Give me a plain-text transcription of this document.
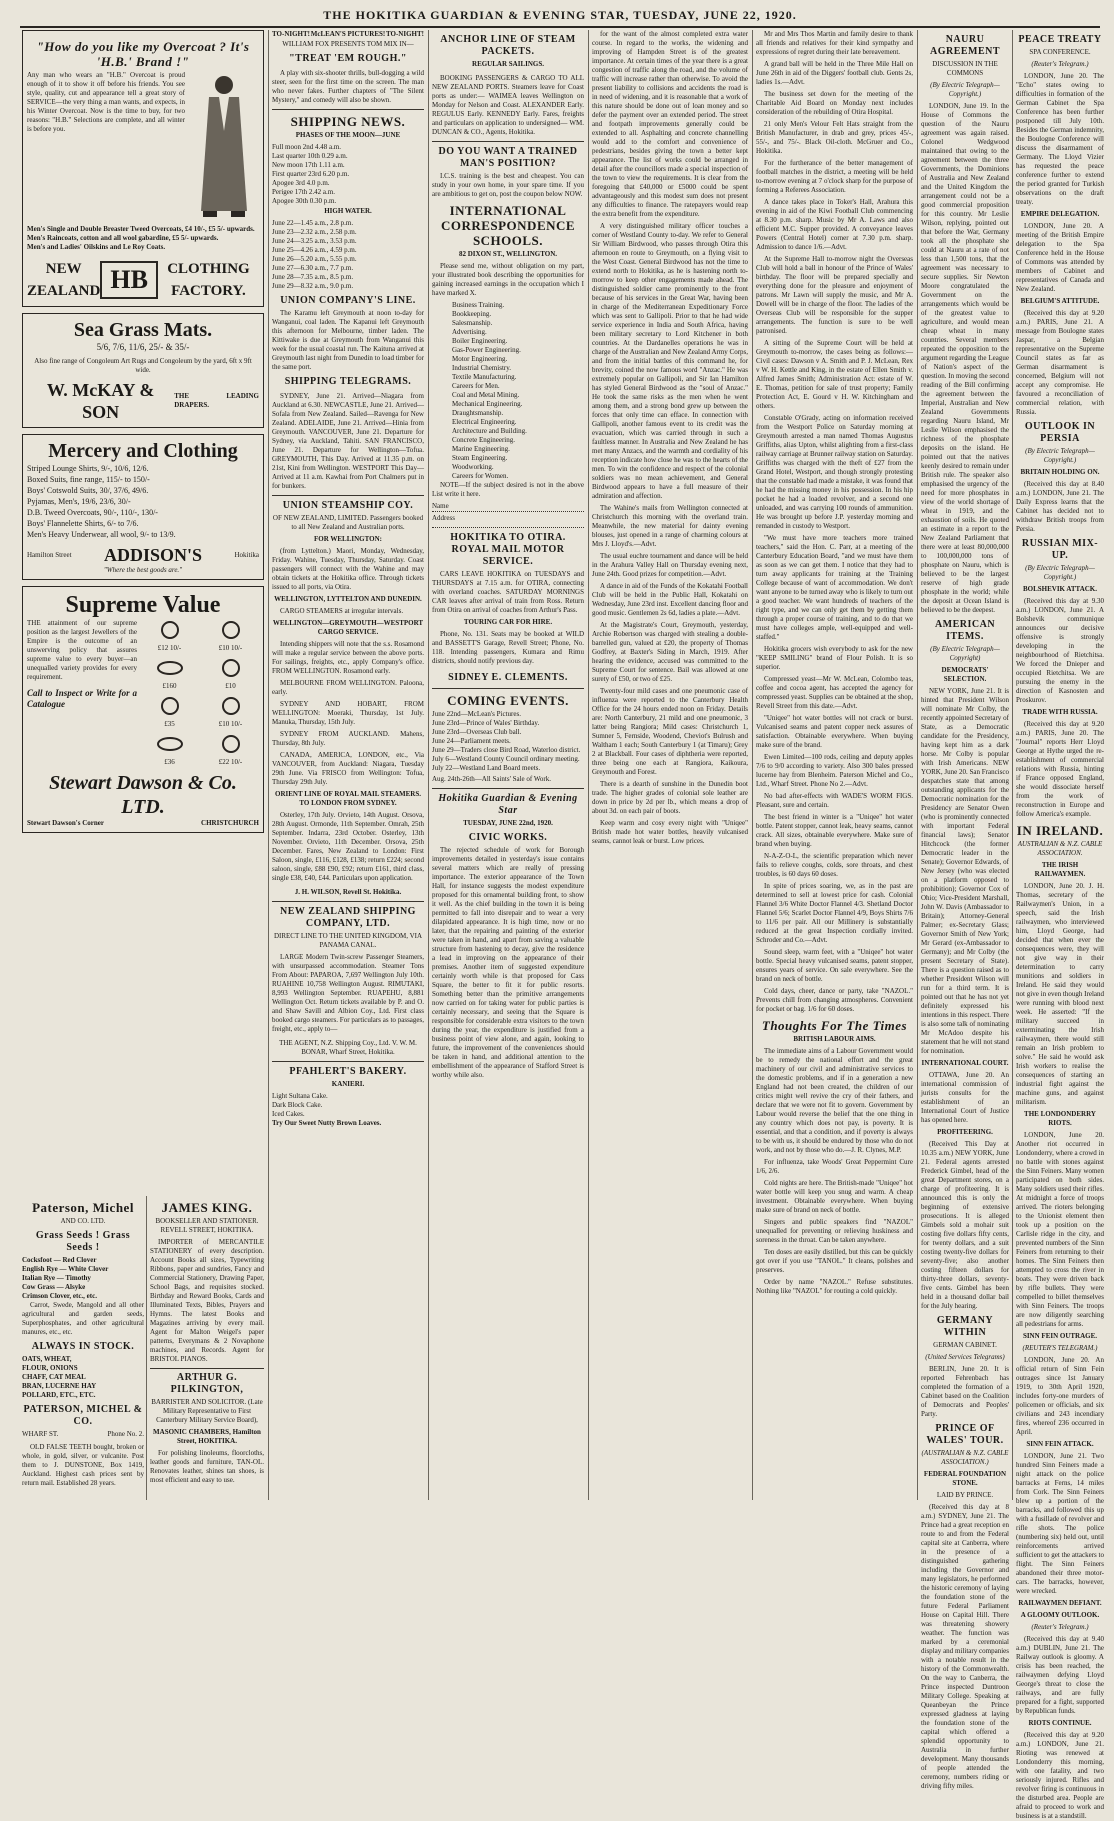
THE HOKITIKA GUARDIAN & EVENING STAR, TUESDAY, JUNE 22, 1920.
"How do you like my Overcoat ? It's 'H.B.' Brand !"
Any man who wears an "H.B." Overcoat is proud enough of it to show it off before his friends. You see style, quality, cut and appearance tell a great story of SERVICE—the very thing a man wants, and expects, in his Winter Overcoat. Now is the time to buy, for two reasons: "H.B." Selections are complete, and all winter is before you.
Men's Single and Double Breaster Tweed Overcoats, £4 10/-, £5 5/- upwards.
Men's Raincoats, cotton and all wool gabardine, £5 5/- upwards.
Men's and Ladies' Oilskins and Le Roy Coats.
NEW ZEALAND HB	CLOTHING FACTORY.
Sea Grass Mats.
5/6, 7/6, 11/6, 25/- & 35/-
Also fine range of Congoleum Art Rugs and Congoleum by the yard, 6ft x 9ft wide.
W. McKAY & SON
THE LEADING DRAPERS.
Mercery and Clothing
Striped Lounge Shirts, 9/-, 10/6, 12/6.
Boxed Suits, fine range, 115/- to 150/-
Boys' Cotswold Suits, 30/, 37/6, 49/6.
Pyjamas, Men's, 19/6, 23/6, 30/-
D.B. Tweed Overcoats, 90/-, 110/-, 130/-
Boys' Flannelette Shirts, 6/- to 7/6.
Men's Heavy Underwear, all wool, 9/- to 13/9.
Hamilton Street ADDISON'S	Hokitika
"Where the best goods are."
Supreme Value
THE attainment of our supreme position as the largest Jewellers of the Empire is the outcome of an unswerving policy that assures supreme value to every buyer—an unequalled variety provides for every requirement.
Call to Inspect or Write for a Catalogue
£12 10/-	£10 10/-
£160	£10
£35	£10 10/-
£36	£22 10/-
Stewart Dawson & Co. LTD.
Stewart Dawson's Corner	CHRISTCHURCH
Paterson, Michel
AND CO. LTD.
Grass Seeds ! Grass Seeds !
Cocksfoot — Red Clover
English Rye — White Clover
Italian Rye — Timothy
Cow Grass — Alsyke
Crimson Clover, etc., etc.

Carrot, Swede, Mangold and all other agricultural and garden seeds, Superphosphates, and other agricultural manures, etc., etc.

ALWAYS IN STOCK.
OATS, WHEAT,
FLOUR, ONIONS
CHAFF, CAT MEAL
BRAN, LUCERNE HAY
POLLARD, ETC., ETC.
PATERSON, MICHEL & CO.
WHARF ST.	Phone No. 2.

OLD FALSE TEETH bought, broken or whole, in gold, silver, or vulcanite. Post them to J. DUNSTONE, Box 1419, Auckland. Highest cash prices sent by return mail. Established 28 years.

JAMES KING.
BOOKSELLER AND STATIONER. REVELL STREET, HOKITIKA.

IMPORTER of MERCANTILE STATIONERY of every description. Account Books all sizes, Typewriting Ribbons, paper and sundries, Fancy and Commercial Stationery, Drawing Paper, School Bags, and requisites stocked. Birthday and Reward Books, Cards and Illuminated Texts, Bibles, Prayers and Hymns. The latest Books and Magazines arriving by every mail. Agent for Malton Weigel's paper patterns, Everymans & 2 Novaphone machines, and Records. Agent for BRISTOL PIANOS.

ARTHUR G. PILKINGTON,
BARRISTER AND SOLICITOR. (Late Military Representative to First Canterbury Military Service Board),
MASONIC CHAMBERS, Hamilton Street, HOKITIKA.

For polishing linoleums, floorcloths, leather goods and furniture, TAN-OL. Renovates leather, shines tan shoes, is most efficient and easy to use.

TO-NIGHT! McLEAN'S PICTURES! TO-NIGHT!
WILLIAM FOX PRESENTS TOM MIX IN—
"TREAT 'EM ROUGH."

A play with six-shooter thrills, bull-dogging a wild steer, seen for the first time on the screen. The man who never fakes. Further chapters of "The Silent Mystery," and comedy will also be shown.

SHIPPING NEWS.
PHASES OF THE MOON—JUNE
Full moon 2nd 4.48 a.m.
Last quarter 10th 0.29 a.m.
New moon 17th 1.11 a.m.
First quarter 23rd 6.20 p.m.
Apogee 3rd 4.0 p.m.
Perigee 17th 2.42 a.m.
Apogee 30th 0.30 p.m.
HIGH WATER.
June 22—1.45 a.m., 2.8 p.m.
June 23—2.32 a.m., 2.58 p.m.
June 24—3.25 a.m., 3.53 p.m.
June 25—4.26 a.m., 4.59 p.m.
June 26—5.20 a.m., 5.55 p.m.
June 27—6.30 a.m., 7.7 p.m.
June 28—7.35 a.m., 8.5 p.m.
June 29—8.32 a.m., 9.0 p.m.
UNION COMPANY'S LINE.

The Karamu left Greymouth at noon to-day for Wanganui, coal laden. The Kapanui left Greymouth this afternoon for Melbourne, timber laden. The Kittiwake is due at Greymouth from Wanganui this week for the usual coastal run. The Kaituna arrived at Greymouth last night from Dunedin to load timber for the same port.

SHIPPING TELEGRAMS.

SYDNEY, June 21. Arrived—Niagara from Auckland at 6.30. NEWCASTLE, June 21. Arrived—Sofala from New Zealand. Sailed—Ravenga for New Zealand. ADELAIDE, June 21. Arrived—Hinia from Greymouth. VANCOUVER, June 21. Departure for Sydney, via Auckland, Tahiti. SAN FRANCISCO, June 21. Departure for Wellington—Tofua. GREYMOUTH, This Day. Arrived at 11.35 p.m. on 21st, Kini from Wellington. WESTPORT This Day—Arrived at 11 a.m. Kawhai from Port Chalmers put in for bunkers.

UNION STEAMSHIP COY.
OF NEW ZEALAND, LIMITED. Passengers booked to all New Zealand and Australian ports.
FOR WELLINGTON:

(from Lyttelton.) Maori, Monday, Wednesday, Friday. Wahine, Tuesday, Thursday, Saturday. Coast passengers will connect with the Wahine and may obtain tickets at the Hokitika office. Through tickets issued to all ports, via Otira.

WELLINGTON, LYTTELTON AND DUNEDIN.

CARGO STEAMERS at irregular intervals.

WELLINGTON—GREYMOUTH—WESTPORT CARGO SERVICE.

Intending shippers will note that the s.s. Rosamond will make a regular service between the above ports. For sailings, freights, etc., apply Company's office. FROM WELLINGTON. Rosamond early.

MELBOURNE FROM WELLINGTON. Paloona, early.

SYDNEY AND HOBART, FROM WELLINGTON: Moeraki, Thursday, 1st July. Manuka, Thursday, 15th July.

SYDNEY FROM AUCKLAND. Mahens, Thursday, 8th July.

CANADA, AMERICA, LONDON, etc., Via VANCOUVER, from Auckland: Niagara, Tuesday 29th June. Via FRISCO from Wellington: Tofua, Thursday 29th July.

ORIENT LINE OF ROYAL MAIL STEAMERS. TO LONDON FROM SYDNEY.

Osterley, 17th July. Orvieto, 14th August. Orsova, 28th August. Ormonde, 11th September. Omrah, 25th September. Indarra, 23rd October. Osterley, 13th November. Orvieto, 11th December. Orsova, 25th December. Fares, New Zealand to London: First Saloon, single, £116, £128, £138; return £224; second saloon, single, £88 £90, £92; return £161, third class, single £38, £40, £44. Particulars upon application.

J. H. WILSON, Revell St. Hokitika.
NEW ZEALAND SHIPPING COMPANY, LTD.
DIRECT LINE TO THE UNITED KINGDOM, VIA PANAMA CANAL.

LARGE Modern Twin-screw Passenger Steamers, with unsurpassed accommodation. Steamer Tons From About: PAPAROA, 7,697 Wellington July 10th. RUAHINE 10,758 Wellington August. RIMUTAKI, 8,993 Wellington September. RUAPEHU, 8,881 Wellington Oct. Return tickets available by P. and O. and Shaw Savill and Albion Coy., Ltd. First class booked cargo steamers. For particulars as to passages, freight, etc., apply to—

THE AGENT, N.Z. Shipping Coy., Ltd. V. W. M. BONAR, Wharf Street, Hokitika.
PFAHLERT'S BAKERY.
KANIERI.
Light Sultana Cake.
Dark Block Cake.
Iced Cakes.
Try Our Sweet Nutty Brown Loaves.
ANCHOR LINE OF STEAM PACKETS.
REGULAR SAILINGS.

BOOKING PASSENGERS & CARGO TO ALL NEW ZEALAND PORTS. Steamers leave for Coast ports as under:— WAIMEA leaves Wellington on Monday for Nelson and Coast. ALEXANDER Early. REGULUS Early. KENNEDY Early. Fares, freights and particulars on application to undersigned— WM. DUNCAN & CO., Agents, Hokitika.

DO YOU WANT A TRAINED MAN'S POSITION?

I.C.S. training is the best and cheapest. You can study in your own home, in your spare time. If you are ambitious to get on, post the coupon below NOW.

INTERNATIONAL CORRESPONDENCE SCHOOLS.
82 DIXON ST., WELLINGTON.

Please send me, without obligation on my part, your illustrated book describing the opportunities for gaining increased earnings in the occupation which I have marked X.

Business Training.
Bookkeeping.
Salesmanship.
Advertising.
Boiler Engineering.
Gas-Power Engineering.
Motor Engineering.
Industrial Chemistry.
Textile Manufacturing.
Careers for Men.
Coal and Metal Mining.
Mechanical Engineering.
Draughtsmanship.
Electrical Engineering.
Architecture and Building.
Concrete Engineering.
Marine Engineering.
Steam Engineering.
Woodworking.
Careers for Women.

NOTE—If the subject desired is not in the above List write it here.

Name
Address
HOKITIKA TO OTIRA. ROYAL MAIL MOTOR SERVICE.

CARS LEAVE HOKITIKA on TUESDAYS and THURSDAYS at 7.15 a.m. for OTIRA, connecting with overland coaches. SATURDAY MORNINGS CAR leaves after arrival of train from Ross. Return from Otira on arrival of coaches from Arthur's Pass.

TOURING CAR FOR HIRE.

Phone, No. 131. Seats may be booked at WILD and BASSETT'S Garage, Revell Street; Phone, No. 118. Intending passengers, Kumara and Rimu districts, should notify previous day.

SIDNEY E. CLEMENTS.
COMING EVENTS.
June 22nd—McLean's Pictures.
June 23rd—Prince of Wales' Birthday.
June 23rd—Overseas Club ball.
June 24—Parliament meets.
June 29—Traders close Bird Road, Waterloo district.
July 6—Westland County Council ordinary meeting.
July 22—Westland Land Board meets.
Aug. 24th-26th—All Saints' Sale of Work.
Hokitika Guardian & Evening Star
TUESDAY, JUNE 22nd, 1920.
CIVIC WORKS.

The rejected schedule of work for Borough improvements detailed in yesterday's issue contains several matters which are really of pressing importance. The exterior appearance of the Town Hall, for instance suggests the modest expenditure proposed for this ornamental building front, to show it well. As the chief building in the town it is being permitted to fall into disrepair and to wear a very dilapidated appearance. It is high time, now or no later, that the repairing and painting of the exterior were taken in hand, and apart from saving a valuable structure from hastening to decay, give the residence a lead in improving on the appearance of their premises. Another item of suggested expenditure certainly worth while is that proposed for Cass Square, the better to fit it for public resorts. Something better than the primitive arrangements now carried on for taking water for public parties is certainly necessary, and seeing that the Square is responsible for considerable extra visitors to the town during the year, the expenditure is justified from a business point of view alone, and again, looking to future, the improvement of the conveniences should be taken in hand, and additional attention to the embellishment of the appearance of Stafford Street is worthy while also.

for the want of the almost completed extra water course. In regard to the works, the widening and improving of Hampden Street is of the greatest importance. At certain times of the year there is a great congestion of traffic along the road, and the volume of traffic will increase rather than otherwise. To avoid the present liability to collisions and accidents the road is in need of widening, and it is reasonable that a work of this nature should be done out of loan money and so defer the payment over an extended period. The street and footpath improvements generally could be extended to all. Asphalting and concrete channelling would add to the comfort and convenience of pedestrians, besides giving the town a better kept appearance. The list of works could be arranged in detail after the councillors made a special inspection of the town to view the requirements. It is clear from the foregoing that £40,000 or £5000 could be spent advantageously and this modest sum does not present any difficulties to finance. The ratepayers would reap the extra benefit from the expenditure.

A very distinguished military officer touches a corner of Westland County to-day. We refer to General Sir William Birdwood, who passes through Otira this afternoon en route to Greymouth, on a flying visit to the West Coast. General Birdwood has not the time to extend north to Hokitika, as he is hastening north to-morrow to keep other engagements made ahead. The distinguished soldier came prominently to the front because of his services in the Great War, having been in charge of the Mediterranean Expeditionary Force which was sent to Gallipoli. Prior to that he had wide service experience in India and South Africa, having been military secretary to Lord Kitchener in both countries. At the Dardanelles operations he was in charge of the Australian and New Zealand Army Corps, and from the initial battles of this command he, for brevity, coined the now famous word "Anzac." He was extremely popular on Gallipoli, and Sir Ian Hamilton has styled General Birdwood as the "soul of Anzac." He took the same risks as the men when he went among them, and a strong bond grew up between the forces that only time can efface. In connection with Gallipoli, another famous event to its credit was the evacuation, which was carried through in such a faultless manner. In Australia and New Zealand he has met many Anzacs, and the warmth and cordiality of his reception indicate how close he was to the hearts of the men. To win the confidence and respect of the colonial soldiers was no mean achievement, and General Birdwood appears to have a full measure of their admiration and affection.

The Wahine's mails from Wellington connected at Christchurch this morning with the overland train. Meanwhile, the new material for dainty evening blouses, just opened in a range of charming colours at Mrs J. Lloyd's.—Advt.

The usual euchre tournament and dance will be held in the Arahura Valley Hall on Thursday evening next, June 24th. Good prizes for competition.—Advt.

A dance in aid of the Funds of the Kokatahi Football Club will be held in the Public Hall, Kokatahi on Wednesday, June 23rd inst. Excellent dancing floor and good music. Gentlemen 2s 6d, ladies a plate.—Advt.

At the Magistrate's Court, Greymouth, yesterday, Archie Robertson was charged with stealing a double-barrelled gun, valued at £20, the property of Thomas Godfrey, at Baxter's Siding in March, 1919. After hearing the evidence, accused was committed to the Supreme Court for sentence. Bail was allowed at one surety of £50, or two of £25.

Twenty-four mild cases and one pneumonic case of influenza were reported to the Canterbury Health Office for the 24 hours ended noon on Friday. Details are: North Canterbury, 21 mild and one pneumonic, 3 latter being Rangiora; Mild cases: Christchurch 1, Sumner 5, Fernside, Woodend, Cheviot's Bulrush and Waltham 1 each; South Canterbury 1 (at Timaru); Grey 2 at Blackball. Four cases of diphtheria were reported, three being one each at Rangiora, Kaikoura, Greymouth and Forest.

There is a dearth of sunshine in the Dunedin boot trade. The higher grades of colonial sole leather are down in price by 2d per lb., which means a drop of about 3d. on each pair of boots.

Keep warm and cosy every night with "Uniqee" British made hot water bottles, heavily vulcanised seams, cannot leak or burst. Low prices.

Mr and Mrs Thos Martin and family desire to thank all friends and relatives for their kind sympathy and expressions of regret during their late bereavement.

A grand ball will be held in the Three Mile Hall on June 26th in aid of the Diggers' football club. Gents 2s, ladies 1s.—Advt.

The business set down for the meeting of the Charitable Aid Board on Monday next includes consideration of the rebuilding of Otira Hospital.

21 only Men's Velour Felt Hats straight from the British Manufacturer, in drab and grey, prices 45/-, 55/-, and 75/-. Black Oil-cloth. McGruer and Co., Hokitika.

For the furtherance of the better management of football matches in the district, a meeting will be held to-morrow evening at 7 o'clock sharp for the purpose of forming a Referees Association.

A dance takes place in Toker's Hall, Arahura this evening in aid of the Kiwi Football Club commencing at 8.30 p.m. sharp. Music by Mr A. Laws and also efficient M.C. Supper provided. A conveyance leaves Powers (Central Hotel) corner at 7.30 p.m. sharp. Admission to dance 1/6.—Advt.

At the Supreme Hall to-morrow night the Overseas Club will hold a ball in honour of the Prince of Wales' birthday. The floor will be prepared specially and everything done for the pleasure and enjoyment of patrons. Mr Lawn will supply the music, and Mr A. Dowell will be in charge of the floor. The ladies of the Overseas Club will be responsible for the supper arrangements. The function is sure to be well patronised.

A sitting of the Supreme Court will be held at Greymouth to-morrow, the cases being as follows:—Civil cases: Dawson v A. Smith and P. J. McLean, Rex v W. H. Kettle and King, in the estate of Ellen Smith v. Alfred James Smith; Administration Act: estate of W. E. Thomas, petition for sale of trust property; Family Protection Act, E. Gourd v H. W. Kitchingham and others.

Constable O'Grady, acting on information received from the Westport Police on Saturday morning at Greymouth arrested a man named Thomas Augustus Griffiths, alias Upton, whilst alighting from a first-class railway carriage at Brunner railway station on Saturday. Griffiths was charged with the theft of £27 from the Grand Hotel, Westport, and though strongly protesting that the constable had made a mistake, it was found that he had the missing money in his possession. In his hip pocket he had a loaded revolver, and a second one unloaded, and was carrying 100 rounds of ammunition. He was brought up before J.P. yesterday morning and remanded in custody to Westport.

"We must have more teachers more trained teachers," said the Hon. C. Parr, at a meeting of the Canterbury Education Board, "and we must have them as soon as we can get them. I notice that they had to turn away applicants for training at the Training College because of want of accommodation. We don't want anyone to be turned away who is likely to turn out a good teacher. We want hundreds of teachers of the right type, and we can only get them by getting them through a proper course of training, and to do that we must have colleges ample, well-equipped and well-staffed."

Hokitika grocers wish everybody to ask for the new "KEEP SMILING" brand of Flour Polish. It is so superior.

Compressed yeast—Mr W. McLean, Colombo teas, coffee and cocoa agent, has accepted the agency for compressed yeast. Supplies can be obtained at the shop, Revell Street from this date.—Advt.

"Uniqee" hot water bottles will not crack or burst. Vulcanised seams and patent copper neck assures of satisfaction. Obtainable everywhere. When buying make sure of the brand.

Ewen Limited—100 rods, ceiling and deputy apples 7/6 to 9/0 according to variety. Also 300 bales pressed lucerne hay from Blenheim. Paterson Michel and Co., Ltd., Wharf Street. Phone No 2.—Advt.

No bad after-effects with WADE'S WORM FIGS. Pleasant, sure and certain.

The best friend in winter is a "Uniqee" hot water bottle. Patent stopper, cannot leak, heavy seams, cannot crack. All sizes, obtainable everywhere. Make sure of brand when buying.

N-A-Z-O-L, the scientific preparation which never fails to relieve coughs, colds, sore throats, and chest troubles, is 60 days 60 doses.

In spite of prices soaring, we, as in the past are determined to sell at lowest price for cash. Colonial Flannel 3/6 White Doctor Flannel 4/3. Shetland Doctor Flannel 5/6; Scarlet Doctor Flannel 4/9, Boys Shirts 7/6 to 11/6 per pair. All our Millinery is substantially reduced at the great Inspection cordially invited. Schroder and Co.—Advt.

Sound sleep, warm feet, with a "Uniqee" hot water bottle. Special heavy vulcanised seams, patent stopper, ensures years of service. On sale everywhere. See the brand on neck of bottle.

Cold days, cheer, dance or party, take "NAZOL." Prevents chill from changing atmospheres. Convenient for pocket or bag. 1/6 for 60 doses.

Thoughts For The Times
BRITISH LABOUR AIMS.

The immediate aims of a Labour Government would be to remedy the national effort and the great machinery of our civil and administrative services to the domestic problems, and if in a generation a new England had not been created, the children of our critics might well revive the cry of their fathers, and declare that we were not fit to govern. Government by Labour would reverse the belief that the one thing in any country which does not pay, is poverty. It is essential, and that a condition, and if poverty is always to be with us, it should be endured by those who do not work, and not by those who do.—J. R. Clynes, M.P.

For influenza, take Woods' Great Peppermint Cure 1/6, 2/6.

Cold nights are here. The British-made "Uniqee" hot water bottle will keep you snug and warm. A cheap investment. Obtainable everywhere. When buying make sure of brand on neck of bottle.

Singers and public speakers find "NAZOL" unequalled for preventing or relieving huskiness and soreness in the throat. Can be taken anywhere.

Ten doses are easily distilled, but this can be quickly got over if you use "TANOL." It cleans, polishes and preserves.

Order by name "NAZOL." Refuse substitutes. Nothing like "NAZOL" for routing a cold quickly.

NAURU AGREEMENT
DISCUSSION IN THE COMMONS
(By Electric Telegraph—Copyright.)

LONDON, June 19. In the House of Commons the question of the Nauru agreement was again raised. Colonel Wedgwood maintained that owing to the agreement between the three Governments, the Dominions of Australia and New Zealand and the United Kingdom the arrangement could not be a good commercial proposition for this country. Mr Leslie Wilson, replying, pointed out that before the War, Germany took all the phosphate she could at Nauru at a rate of not less than 1,500 tons, that the agreement was necessary to secure supplies. Sir Newton Moore congratulated the Government on the arrangements which would be of the greatest value to agriculture, and would mean cheap wheat in many countries. Several members repeated the opposition to the argument regarding the League of Nation's aspect of the question. In moving the second reading of the Bill confirming the agreement between the Imperial, Australian and New Zealand Governments regarding Nauru Island, Mr Leslie Wilson emphasised the richness of the phosphate deposits on the island. He pointed out that the natives keenly desired to remain under British rule. The speaker also emphasised the urgency of the need for more phosphates in view of the world shortage of wheat in 1919, and the exhaustion of soils. He quoted an estimate in a report to the New Zealand Parliament that there were at least 80,000,000 to 100,000,000 tons of phosphate on Nauru, which is believed to be the largest reserve of high grade phosphate in the world; while the deposit at Ocean Island is believed to be the deepest.

AMERICAN ITEMS.
(By Electric Telegraph—Copyright)
DEMOCRATS' SELECTION.

NEW YORK, June 21. It is hinted that President Wilson will nominate Mr Colby, the recently appointed Secretary of State, as a Democratic candidate for the Presidency, having kept him as a dark horse. Mr Colby is popular with Irish Americans. NEW YORK, June 20. San Francisco despatches state that among outstanding applicants for the Democratic nomination for the Presidency are Senator Owen (who is prominently connected with important Federal financial laws); Senator Hitchcock (the former Democratic leader in the Senate); Governor Edwards, of New Jersey (who was elected on a platform opposed to prohibition); Governor Cox of Ohio; Vice-President Marshall, John W. Davis (Ambassador to Britain); Attorney-General Palmer; ex-Secretary Glass; Governor Smith of New York; Mr Gerard (ex-Ambassador to Germany); and Mr Colby (the present Secretary of State). There is a question raised as to whether President Wilson will run for a third term. It is pointed out that he has not yet definitely expressed his intentions in this respect. There is also some talk of nominating Mr McAdoo despite his statement that he will not stand for nomination.

INTERNATIONAL COURT.

OTTAWA, June 20. An international commission of jurists consults for the establishment of an International Court of Justice has opened here.

PROFITEERING.

(Received This Day at 10.35 a.m.) NEW YORK, June 21. Federal agents arrested Frederick Gimbel, head of the great Department stores, on a charge of profiteering. It is announced this is only the beginning of extensive prosecutions. It is alleged Gimbels sold a mohair suit costing five dollars fifty cents, for twenty dollars, and a suit costing twenty-five dollars for seventy-five; also another costing fifteen dollars for thirty-three dollars, seventy-five cents. Gimbel has been held in a thousand dollar bail for the July hearing.

GERMANY WITHIN
GERMAN CABINET.
(United Services Telegrams)

BERLIN, June 20. It is reported Fehrenbach has completed the formation of a Cabinet based on the Coalition of Democrats and Peoples' Party.

PRINCE OF WALES' TOUR.
(AUSTRALIAN & N.Z. CABLE ASSOCIATION.)
FEDERAL FOUNDATION STONE.
LAID BY PRINCE.

(Received this day at 8 a.m.) SYDNEY, June 21. The Prince had a great reception en route to and from the Federal capital site at Canberra, where in the presence of a distinguished gathering including the Governor and many legislators, he performed the historic ceremony of laying the foundation stone of the future Federal Parliament House on Capital Hill. There was threatening showery weather. The function was marked by a ceremonial display and military companies with a notable result in the history of the Commonwealth. On the way to Canberra, the Prince inspected Duntroon Military College. Speaking at Queanbeyan the Prince expressed gladness at laying the foundation stone of the capital which offered a splendid opportunity to Australia in further development. Many thousands of people attended the ceremony, numbers riding or driving fifty miles.

PEACE TREATY
SPA CONFERENCE.
(Reuter's Telegram.)

LONDON, June 20. The "Echo" states owing to difficulties in formation of the German Cabinet the Spa Conference has been further postponed till July 10th. Besides the German indemnity, the Boulogne Conference will discuss the disarmament of Germany. The Lloyd Vizier has requested the peace conference further to extend the period granted for Turkish observations on the draft treaty.

EMPIRE DELEGATION.

LONDON, June 20. A meeting of the British Empire delegation to the Spa Conference held in the House of Commons was attended by members of Cabinet and representatives of Canada and New Zealand.

BELGIUM'S ATTITUDE.

(Received this day at 9.20 a.m.) PARIS, June 21. A message from Boulogne states Jaspar, a Belgian representative on the Supreme Council states as far as German disarmament is concerned, Belgium will not accept any compromise. He favoured a reconciliation of commercial relation, with Russia.

OUTLOOK IN PERSIA
(By Electric Telegraph—Copyright.)
BRITAIN HOLDING ON.

(Received this day at 8.40 a.m.) LONDON, June 21. The Daily Express learns that the Cabinet has decided not to withdraw British troops from Persia.

RUSSIAN MIX-UP.
(By Electric Telegraph—Copyright.)
BOLSHEVIK ATTACK.

(Received this day at 9.30 a.m.) LONDON, June 21. A Bolshevik communique announces our decisive offensive is strongly developing in the neighbourhood of Rietchitsa. We forced the Dnieper and occupied Rietchitsa. We are pursuing the enemy in the direction of Kasnosten and Proskurov.

TRADE WITH RUSSIA.

(Received this day at 9.20 a.m.) PARIS, June 20. The "Journal" reports Herr Lloyd George at Hythe urged the re-establishment of commercial relations with Russia, hinting if France opposed England, she would dissociate herself from the work of reconstruction in Europe and follow America's example.

IN IRELAND.
AUSTRALIAN & N.Z. CABLE ASSOCIATION.
THE IRISH RAILWAYMEN.

LONDON, June 20. J. H. Thomas, secretary of the Railwaymen's Union, in a speech, said the Irish railwaymen, who interviewed him, Lloyd George, had decided that when ever the consequences were, they will not give way in their determination to carry munitions and soldiers in Ireland. He said they would not give in even though Ireland were running with blood next week. He asserted: "If the military succeed in exterminating the Irish railwaymen, there would still remain an Irish problem to solve." He said he would ask Irish workers to realise the consequences of starting an industrial fight against the machine guns, and against militarism.

THE LONDONDERRY RIOTS.

LONDON, June 20. Another riot occurred in Londonderry, where a crowd in no battle with stones against the Sinn Feiners. Many women participated on both sides. Many soldiers used their rifles. At midnight a force of troops arrived. The rioters belonging to the Unionist element then took up a position on the Carlisle ridge in the city, and prevented numbers of the Sinn Feiners from returning to their homes. The Sinn Feiners then attempted to cross the river in boats. They were driven back by rifle bullets. They were compelled to billet themselves with Sinn Feiners. The troops are now diligently searching all pedestrians for arms.

SINN FEIN OUTRAGE.
(REUTER'S TELEGRAM.)

LONDON, June 20. An official return of Sinn Fein outrages since 1st January 1919, to 30th April 1920, includes forty-one murders of policemen or officials, and six civilians and 243 incendiary fires, whereof 236 occurred in April.

SINN FEIN ATTACK.

LONDON, June 21. Two hundred Sinn Feiners made a night attack on the police barracks at Ferns, 14 miles from Cork. The Sinn Feiners blew up a portion of the barracks, and followed this up with a fusillade of revolver and rifle shots. The police (numbering six) held out, until reinforcements arrived sufficient to get the attackers to flight. The Sinn Feiners abandoned their three motor-cars. The barracks, however, were wrecked.

RAILWAYMEN DEFIANT.
A GLOOMY OUTLOOK.
(Reuter's Telegram.)

(Received this day at 9.40 a.m.) DUBLIN, June 21. The Railway outlook is gloomy. A crisis has been reached, the railwaymen defying Lloyd George's threat to close the railways, and are fully prepared for a fight, supported by Republican funds.

RIOTS CONTINUE.

(Received this day at 9.20 a.m.) LONDON, June 21. Rioting was renewed at Londonderry this morning, with one fatality, and two seriously injured. Rifles and revolver firing is continuous in the disturbed area. People are afraid to proceed to work and business is at a standstill.
